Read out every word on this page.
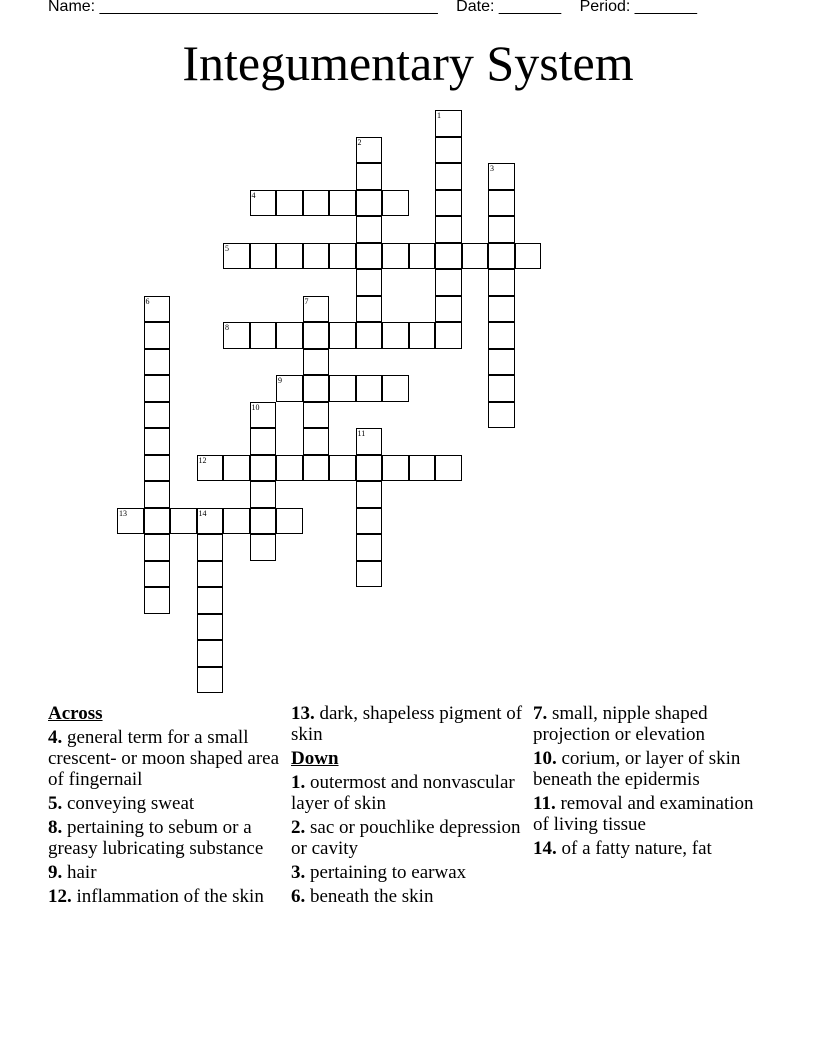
Name: ______________________________________ Date: _______ Period: _______
Integumentary System
1
2
3
4
5
6	7
8
9
10
11
12
13	14
Across
4. general term for a small crescent- or moon shaped area of fingernail
5. conveying sweat
8. pertaining to sebum or a greasy lubricating substance
9. hair
12. inflammation of the skin
13. dark, shapeless pigment of skin
Down
1. outermost and nonvascular layer of skin
2. sac or pouchlike depression or cavity
3. pertaining to earwax
6. beneath the skin
7. small, nipple shaped projection or elevation
10. corium, or layer of skin beneath the epidermis
11. removal and examination of living tissue
14. of a fatty nature, fat
